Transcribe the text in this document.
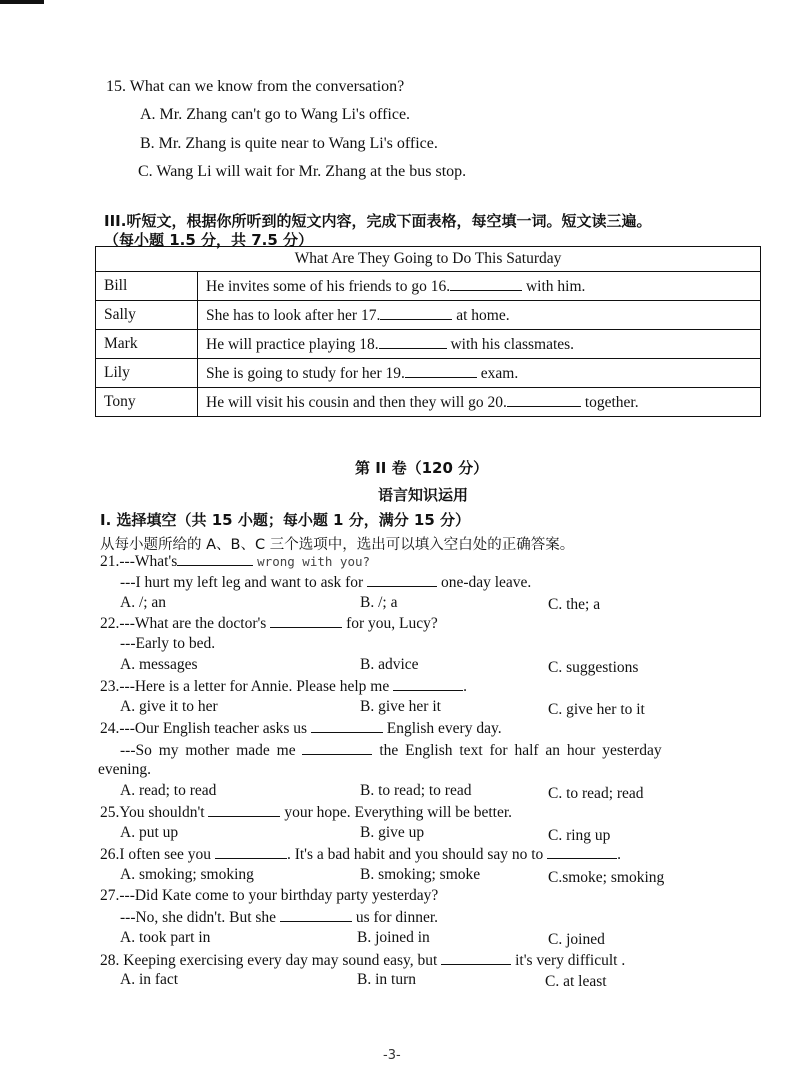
15. What can we know from the conversation?
A. Mr. Zhang can't go to Wang Li's office.
B. Mr. Zhang is quite near to Wang Li's office.
C. Wang Li will wait for Mr. Zhang at the bus stop.
III.听短文，根据你所听到的短文内容，完成下面表格，每空填一词。短文读三遍。
（每小题 1.5 分，共 7.5 分）
What Are They Going to Do This Saturday	
Bill	He invites some of his friends to go 16. with him.
Sally	She has to look after her 17. at home.
Mark	He will practice playing 18. with his classmates.
Lily	She is going to study for her 19. exam.
Tony	He will visit his cousin and then they will go 20. together.
第 II 卷（120 分）
语言知识运用
I. 选择填空（共 15 小题；每小题 1 分，满分 15 分）
从每小题所给的 A、B、C 三个选项中，选出可以填入空白处的正确答案。
21.---What's	wrong with you?
---I hurt my left leg and want to ask for	one-day leave.
A. /; an	B. /; a	C. the; a
22.---What are the doctor's	for you, Lucy?
---Early to bed.
A. messages	B. advice	C. suggestions
23.---Here is a letter for Annie. Please help me	.
A. give it to her	B. give her it	C. give her to it
24.---Our English teacher asks us	English every day.
---So my mother made me	the English text for half an hour yesterday
evening.
A. read; to read	B. to read; to read	C. to read; read
25.You shouldn't	your hope. Everything will be better.
A. put up	B. give up	C. ring up
26.I often see you	. It's a bad habit and you should say no to	.
A. smoking; smoking	B. smoking; smoke	C.smoke; smoking
27.---Did Kate come to your birthday party yesterday?
---No, she didn't. But she	us for dinner.
A. took part in	B. joined in	C. joined
28. Keeping exercising every day may sound easy, but	it's very difficult .
A. in fact	B. in turn	C. at least
-3-
